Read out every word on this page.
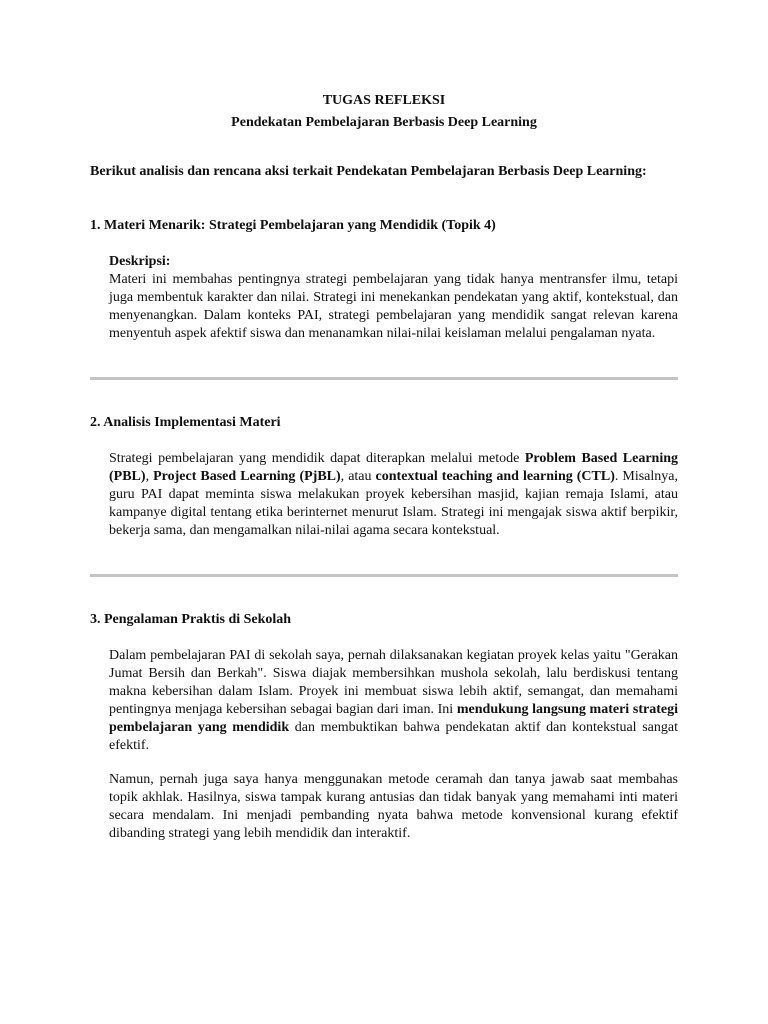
TUGAS REFLEKSI
Pendekatan Pembelajaran Berbasis Deep Learning
Berikut analisis dan rencana aksi terkait Pendekatan Pembelajaran Berbasis Deep Learning:
1. Materi Menarik: Strategi Pembelajaran yang Mendidik (Topik 4)
Deskripsi:
Materi ini membahas pentingnya strategi pembelajaran yang tidak hanya mentransfer ilmu, tetapi juga membentuk karakter dan nilai. Strategi ini menekankan pendekatan yang aktif, kontekstual, dan menyenangkan. Dalam konteks PAI, strategi pembelajaran yang mendidik sangat relevan karena menyentuh aspek afektif siswa dan menanamkan nilai-nilai keislaman melalui pengalaman nyata.
2. Analisis Implementasi Materi
Strategi pembelajaran yang mendidik dapat diterapkan melalui metode Problem Based Learning (PBL), Project Based Learning (PjBL), atau contextual teaching and learning (CTL). Misalnya, guru PAI dapat meminta siswa melakukan proyek kebersihan masjid, kajian remaja Islami, atau kampanye digital tentang etika berinternet menurut Islam. Strategi ini mengajak siswa aktif berpikir, bekerja sama, dan mengamalkan nilai-nilai agama secara kontekstual.
3. Pengalaman Praktis di Sekolah
Dalam pembelajaran PAI di sekolah saya, pernah dilaksanakan kegiatan proyek kelas yaitu "Gerakan Jumat Bersih dan Berkah". Siswa diajak membersihkan mushola sekolah, lalu berdiskusi tentang makna kebersihan dalam Islam. Proyek ini membuat siswa lebih aktif, semangat, dan memahami pentingnya menjaga kebersihan sebagai bagian dari iman. Ini mendukung langsung materi strategi pembelajaran yang mendidik dan membuktikan bahwa pendekatan aktif dan kontekstual sangat efektif.
Namun, pernah juga saya hanya menggunakan metode ceramah dan tanya jawab saat membahas topik akhlak. Hasilnya, siswa tampak kurang antusias dan tidak banyak yang memahami inti materi secara mendalam. Ini menjadi pembanding nyata bahwa metode konvensional kurang efektif dibanding strategi yang lebih mendidik dan interaktif.
